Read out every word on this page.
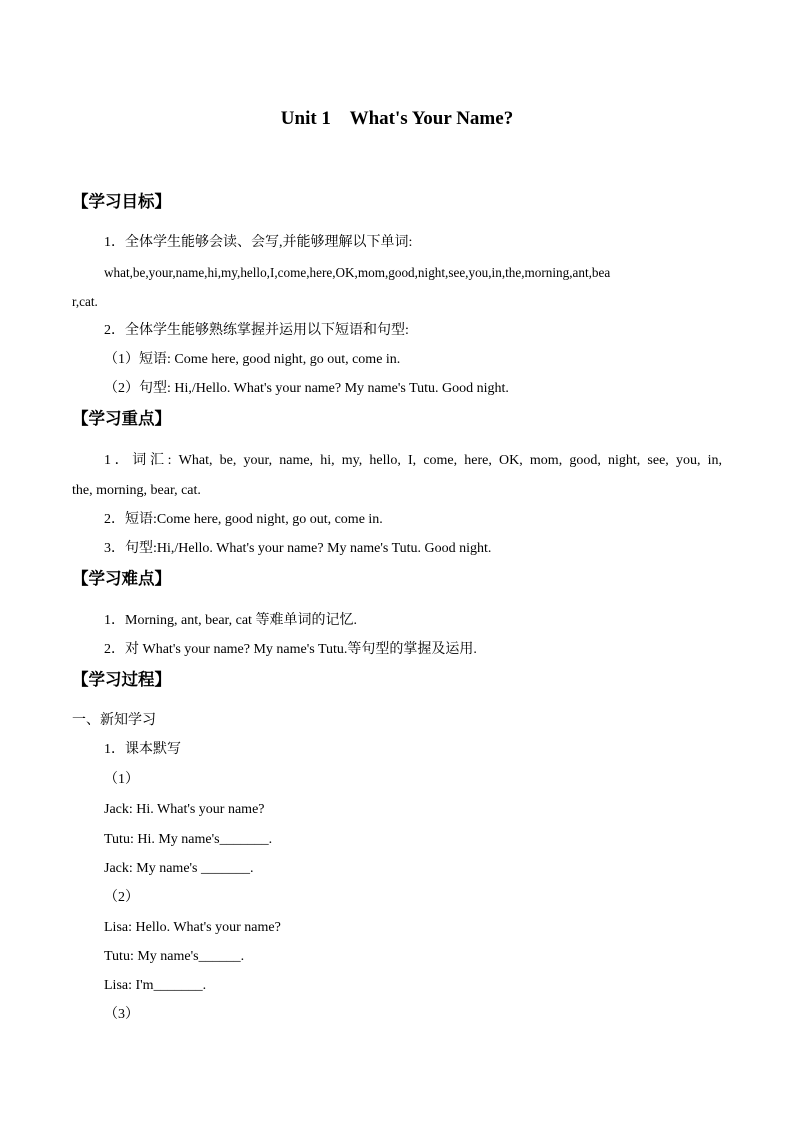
Unit 1    What's Your Name?
【学习目标】
1．全体学生能够会读、会写,并能够理解以下单词:
what,be,your,name,hi,my,hello,I,come,here,OK,mom,good,night,see,you,in,the,morning,ant,bea
r,cat.
2．全体学生能够熟练掌握并运用以下短语和句型:
（1）短语: Come here, good night, go out, come in.
（2）句型: Hi,/Hello. What's your name? My name's Tutu. Good night.
【学习重点】
1．词汇: What, be, your, name, hi, my, hello, I, come, here, OK, mom, good, night, see, you, in,
the, morning, bear, cat.
2．短语:Come here, good night, go out, come in.
3．句型:Hi,/Hello. What's your name? My name's Tutu. Good night.
【学习难点】
1．Morning, ant, bear, cat 等难单词的记忆.
2．对 What's your name? My name's Tutu.等句型的掌握及运用.
【学习过程】
一、新知学习
1．课本默写
（1）
Jack: Hi. What's your name?
Tutu: Hi. My name's_______.
Jack: My name's _______.
（2）
Lisa: Hello. What's your name?
Tutu: My name's______.
Lisa: I'm_______.
（3）
